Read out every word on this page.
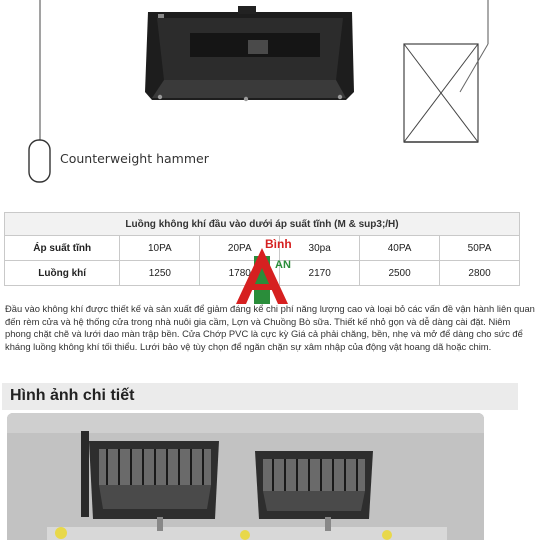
Counterweight hammer
Luồng không khí đầu vào dưới áp suất tĩnh (M & sup3;/H)					
Áp suất tĩnh	10PA	20PA	30pa	40PA	50PA
Luồng khí	1250	1780	2170	2500	2800
Bình
AN

Đầu vào không khí được thiết kế và sản xuất để giảm đáng kể chi phí năng lượng cao và loại bỏ các vấn đề vận hành liên quan đến rèm cửa và hệ thống cửa trong nhà nuôi gia cầm, Lợn và Chuồng Bò sữa. Thiết kế nhỏ gọn và dễ dàng cài đặt. Niêm phong chặt chẽ và lưới dao màn trập bền. Cửa Chớp PVC là cực kỳ Giá cả phải chăng, bền, nhẹ và mở để dàng cho sức để kháng luồng không khí tối thiểu. Lưới bảo vệ tùy chọn để ngăn chặn sự xâm nhập của động vật hoang dã hoặc chim.

Hình ảnh chi tiết
